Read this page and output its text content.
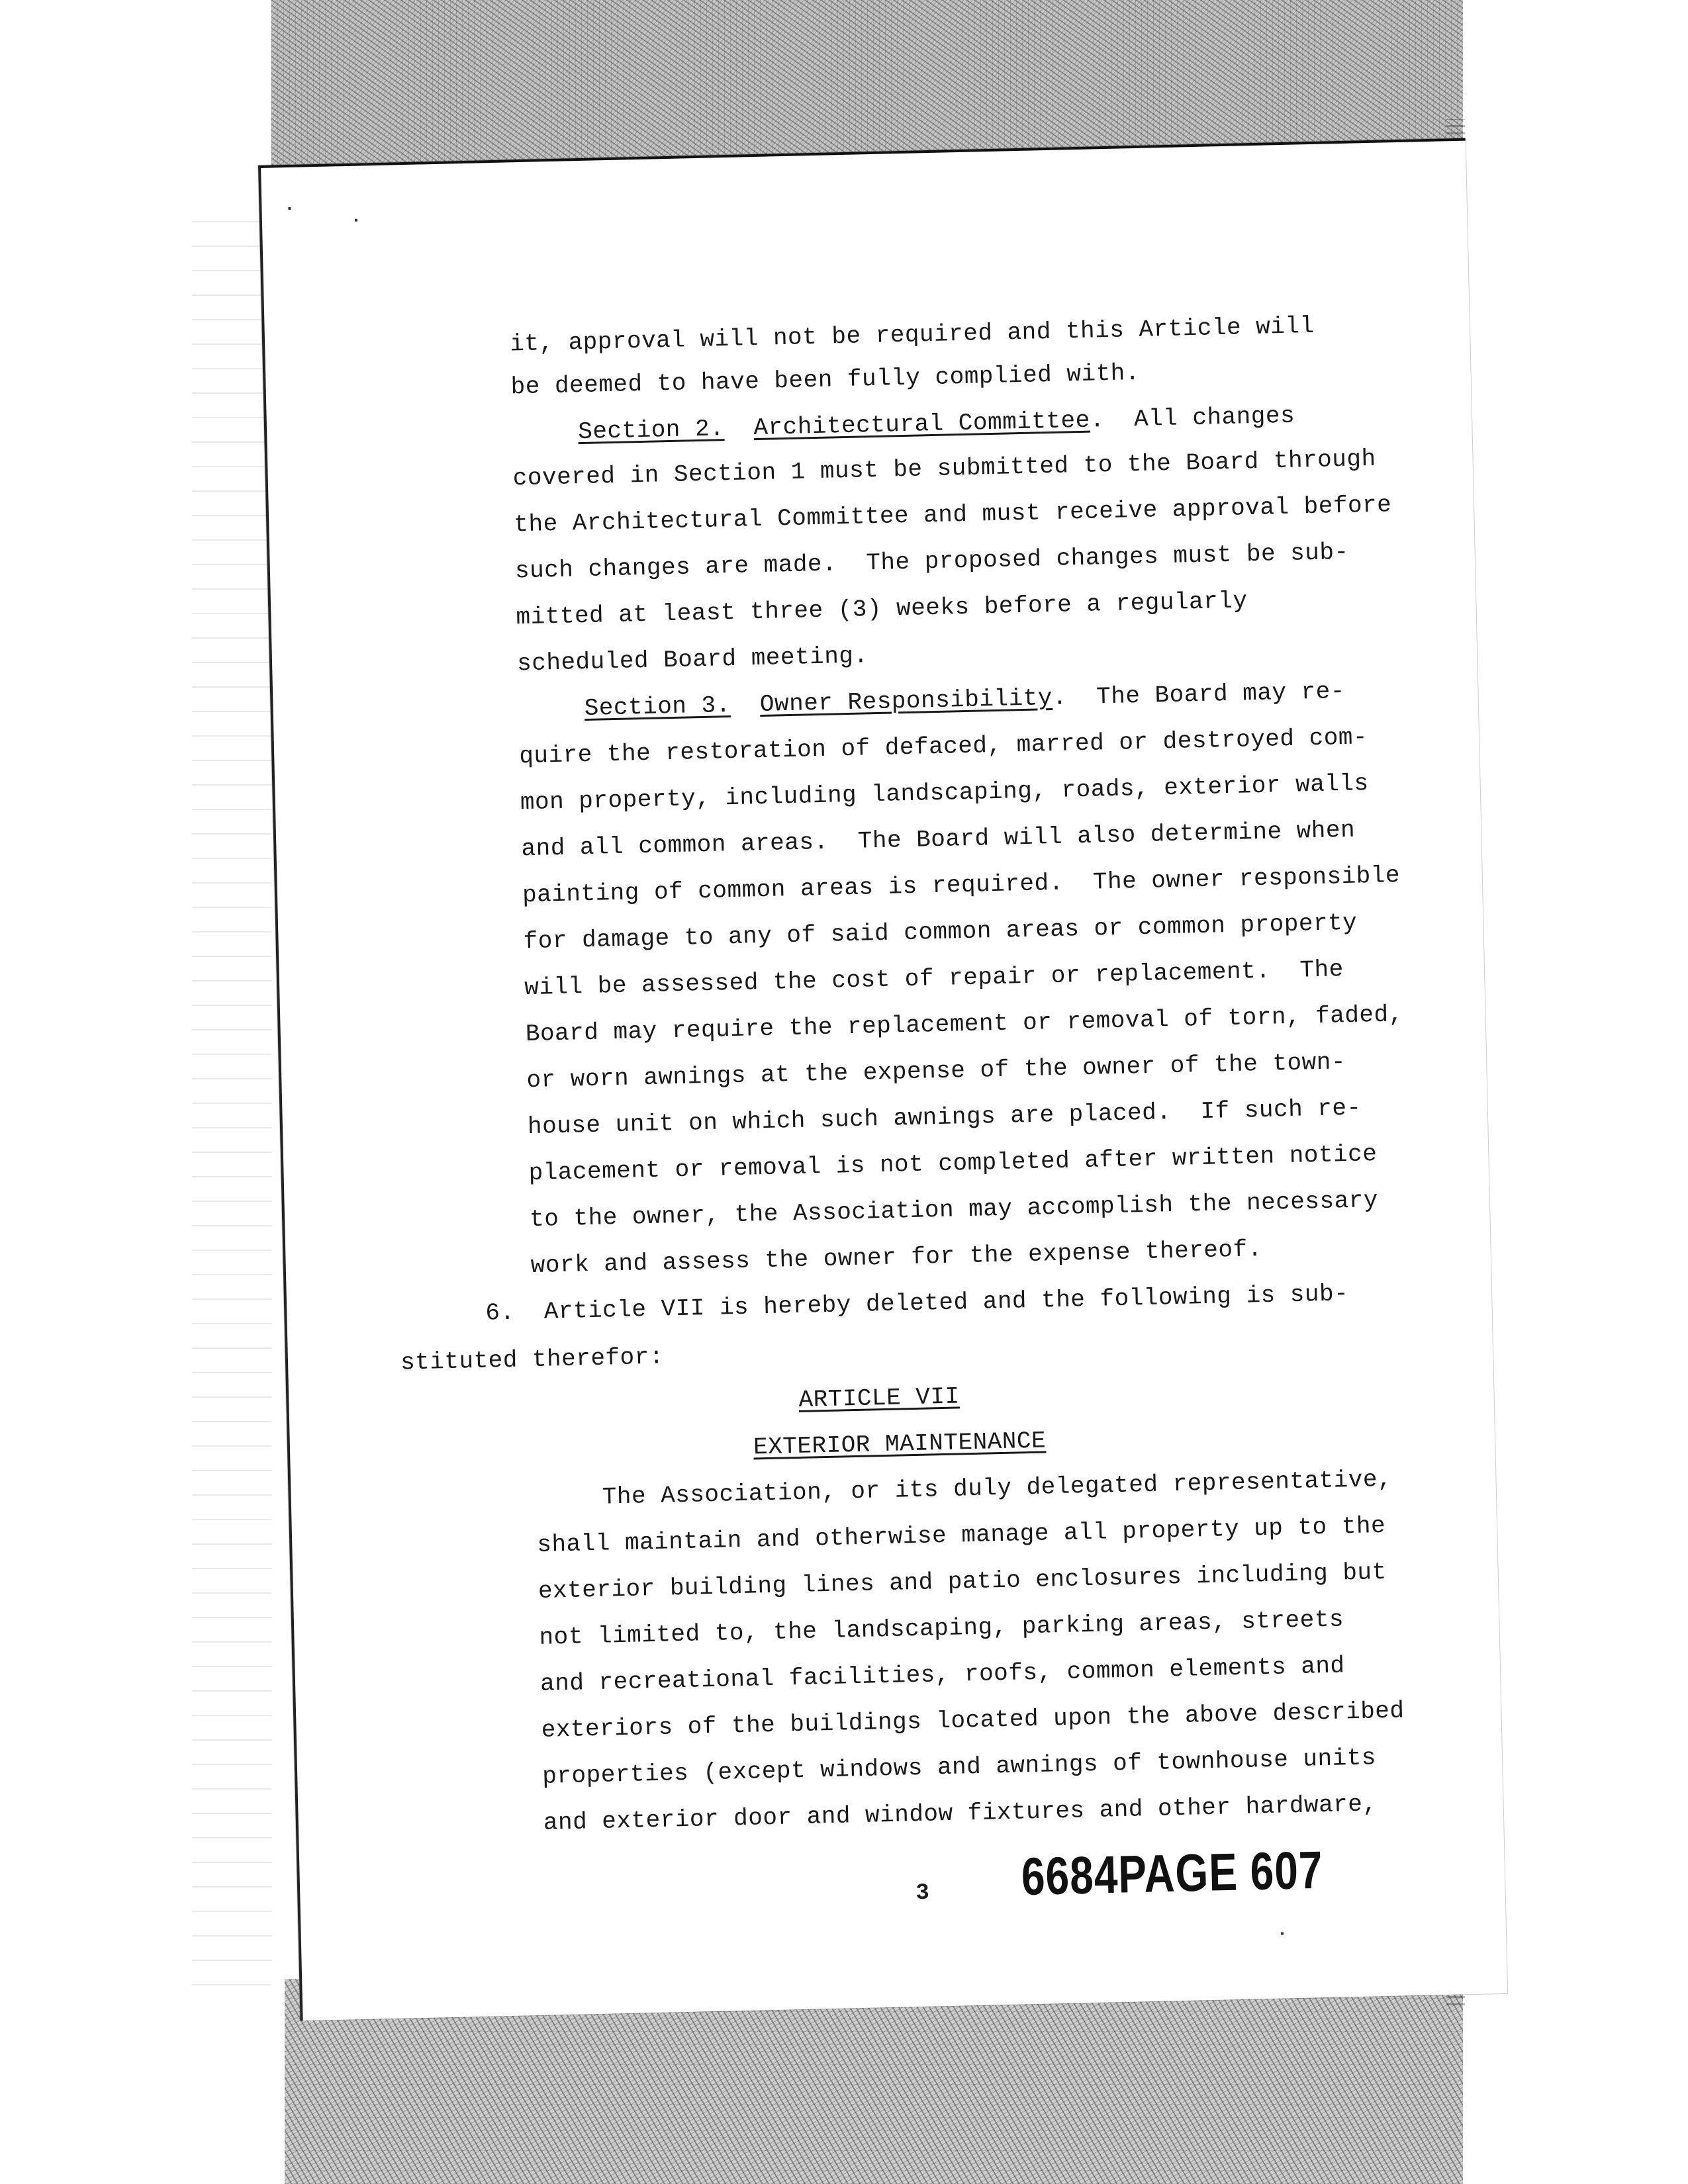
it, approval will not be required and this Article will
be deemed to have been fully complied with.
Section 2. Architectural Committee.  All changes
covered in Section 1 must be submitted to the Board through
the Architectural Committee and must receive approval before
such changes are made.  The proposed changes must be sub-
mitted at least three (3) weeks before a regularly
scheduled Board meeting.
Section 3. Owner Responsibility.  The Board may re-
quire the restoration of defaced, marred or destroyed com-
mon property, including landscaping, roads, exterior walls
and all common areas.  The Board will also determine when
painting of common areas is required.  The owner responsible
for damage to any of said common areas or common property
will be assessed the cost of repair or replacement.  The
Board may require the replacement or removal of torn, faded,
or worn awnings at the expense of the owner of the town-
house unit on which such awnings are placed.  If such re-
placement or removal is not completed after written notice
to the owner, the Association may accomplish the necessary
work and assess the owner for the expense thereof.
6.  Article VII is hereby deleted and the following is sub-
stituted therefor:
ARTICLE VII
EXTERIOR MAINTENANCE
The Association, or its duly delegated representative,
shall maintain and otherwise manage all property up to the
exterior building lines and patio enclosures including but
not limited to, the landscaping, parking areas, streets
and recreational facilities, roofs, common elements and
exteriors of the buildings located upon the above described
properties (except windows and awnings of townhouse units
and exterior door and window fixtures and other hardware,
3 6684PAGE 607
